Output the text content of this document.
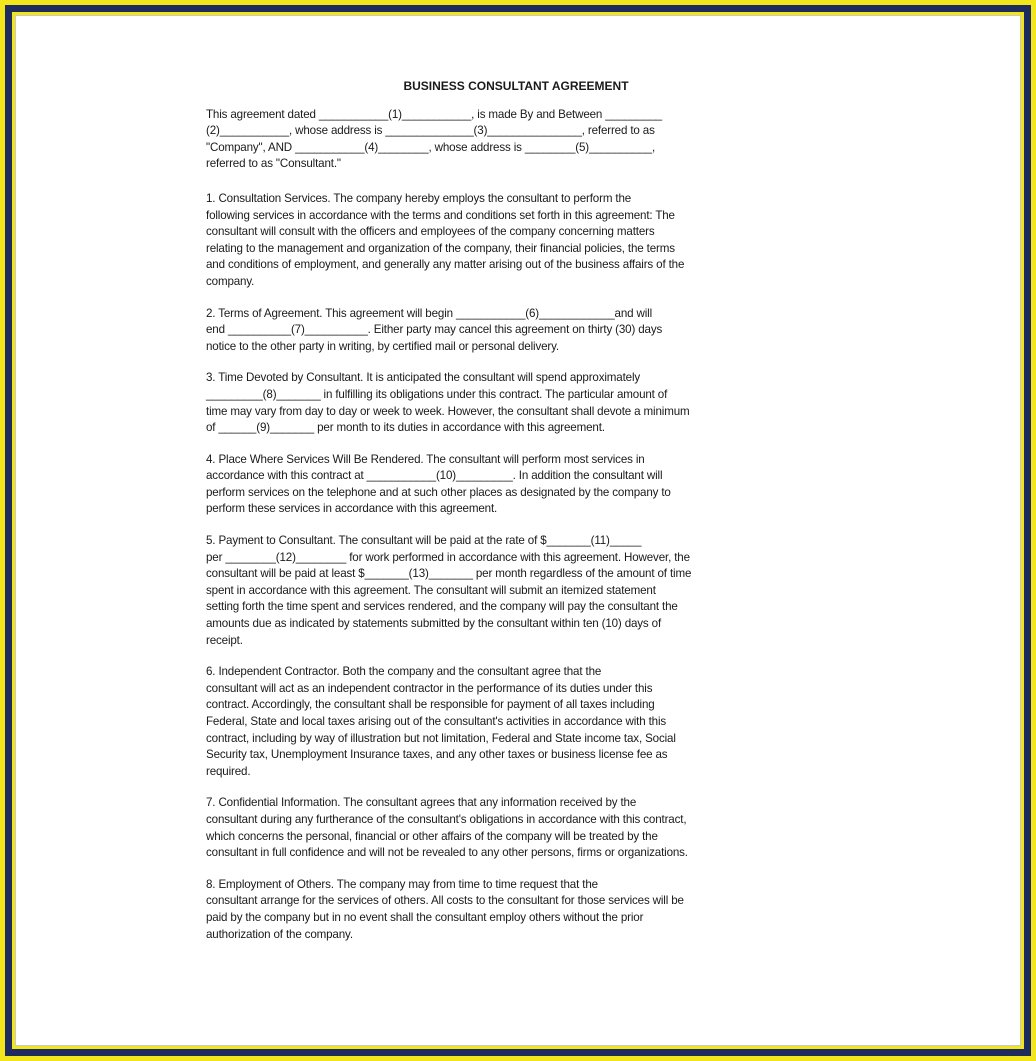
BUSINESS CONSULTANT AGREEMENT
This agreement dated ___________(1)___________, is made By and Between _________
(2)___________, whose address is ______________(3)_______________, referred to as
"Company", AND ___________(4)________, whose address is ________(5)__________,
referred to as "Consultant."
1. Consultation Services. The company hereby employs the consultant to perform the
following services in accordance with the terms and conditions set forth in this agreement: The
consultant will consult with the officers and employees of the company concerning matters
relating to the management and organization of the company, their financial policies, the terms
and conditions of employment, and generally any matter arising out of the business affairs of the
company.
2. Terms of Agreement. This agreement will begin ___________(6)____________and will
end __________(7)__________. Either party may cancel this agreement on thirty (30) days
notice to the other party in writing, by certified mail or personal delivery.
3. Time Devoted by Consultant. It is anticipated the consultant will spend approximately
_________(8)_______ in fulfilling its obligations under this contract. The particular amount of
time may vary from day to day or week to week. However, the consultant shall devote a minimum
of ______(9)_______ per month to its duties in accordance with this agreement.
4. Place Where Services Will Be Rendered. The consultant will perform most services in
accordance with this contract at ___________(10)_________. In addition the consultant will
perform services on the telephone and at such other places as designated by the company to
perform these services in accordance with this agreement.
5. Payment to Consultant. The consultant will be paid at the rate of $_______(11)_____
per ________(12)________ for work performed in accordance with this agreement. However, the
consultant will be paid at least $_______(13)_______ per month regardless of the amount of time
spent in accordance with this agreement. The consultant will submit an itemized statement
setting forth the time spent and services rendered, and the company will pay the consultant the
amounts due as indicated by statements submitted by the consultant within ten (10) days of
receipt.
6. Independent Contractor. Both the company and the consultant agree that the
consultant will act as an independent contractor in the performance of its duties under this
contract. Accordingly, the consultant shall be responsible for payment of all taxes including
Federal, State and local taxes arising out of the consultant's activities in accordance with this
contract, including by way of illustration but not limitation, Federal and State income tax, Social
Security tax, Unemployment Insurance taxes, and any other taxes or business license fee as
required.
7. Confidential Information. The consultant agrees that any information received by the
consultant during any furtherance of the consultant's obligations in accordance with this contract,
which concerns the personal, financial or other affairs of the company will be treated by the
consultant in full confidence and will not be revealed to any other persons, firms or organizations.
8. Employment of Others. The company may from time to time request that the
consultant arrange for the services of others. All costs to the consultant for those services will be
paid by the company but in no event shall the consultant employ others without the prior
authorization of the company.
